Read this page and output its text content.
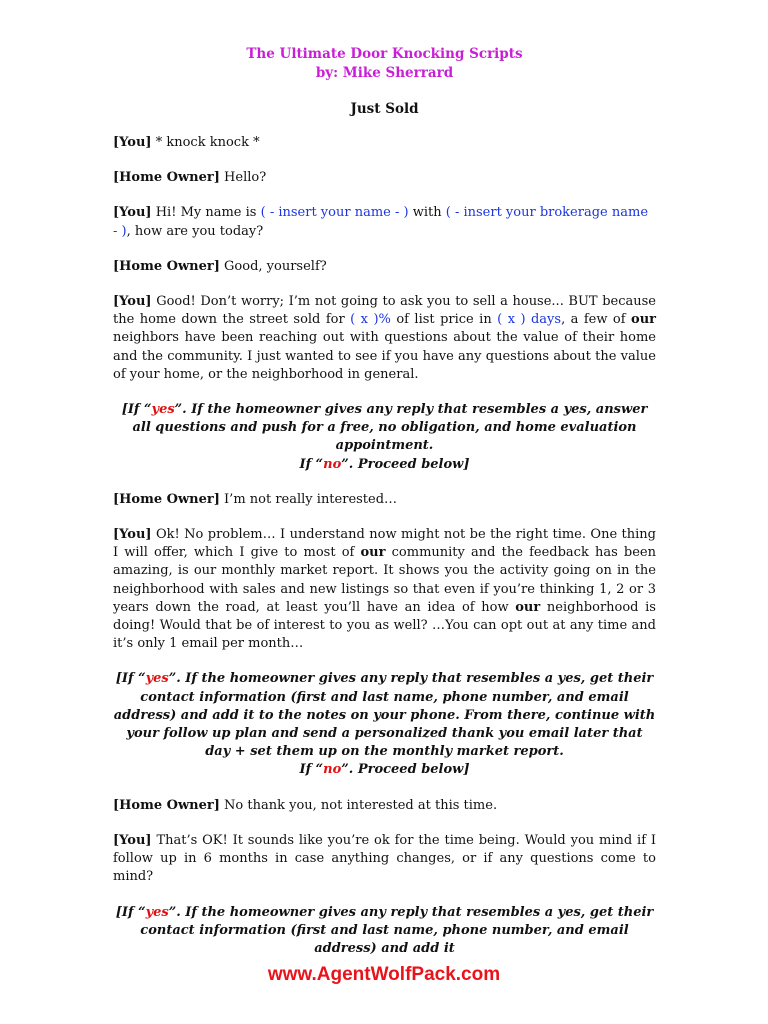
The Ultimate Door Knocking Scripts
by: Mike Sherrard
Just Sold
[You] * knock knock *
[Home Owner] Hello?
[You] Hi! My name is ( - insert your name - ) with ( - insert your brokerage name - ), how are you today?
[Home Owner] Good, yourself?
[You] Good! Don’t worry; I’m not going to ask you to sell a house... BUT because the home down the street sold for ( x )% of list price in ( x ) days, a few of our neighbors have been reaching out with questions about the value of their home and the community. I just wanted to see if you have any questions about the value of your home, or the neighborhood in general.
[If “yes”. If the homeowner gives any reply that resembles a yes, answer all questions and push for a free, no obligation, and home evaluation appointment.
If “no”. Proceed below]
[Home Owner] I’m not really interested…
[You] Ok! No problem… I understand now might not be the right time. One thing I will offer, which I give to most of our community and the feedback has been amazing, is our monthly market report. It shows you the activity going on in the neighborhood with sales and new listings so that even if you’re thinking 1, 2 or 3 years down the road, at least you’ll have an idea of how our neighborhood is doing! Would that be of interest to you as well? …You can opt out at any time and it’s only 1 email per month…
[If “yes”. If the homeowner gives any reply that resembles a yes, get their contact information (first and last name, phone number, and email address) and add it to the notes on your phone. From there, continue with your follow up plan and send a personalized thank you email later that day + set them up on the monthly market report.
If “no”. Proceed below]
[Home Owner] No thank you, not interested at this time.
[You] That’s OK! It sounds like you’re ok for the time being. Would you mind if I follow up in 6 months in case anything changes, or if any questions come to mind?
[If “yes”. If the homeowner gives any reply that resembles a yes, get their contact information (first and last name, phone number, and email address) and add it
www.AgentWolfPack.com
